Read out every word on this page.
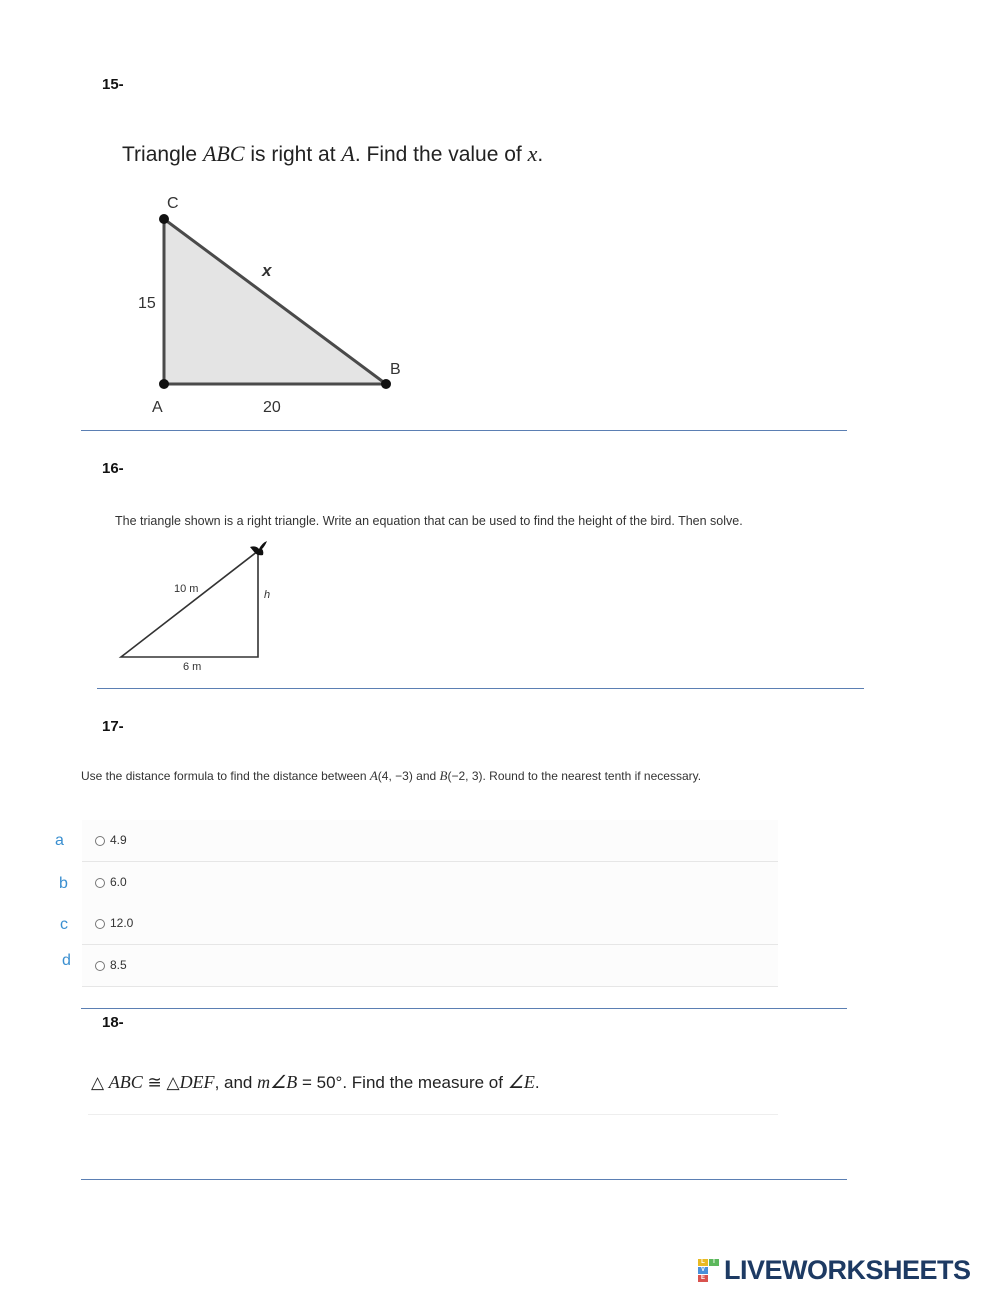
15-
Triangle ABC is right at A. Find the value of x.
C
A
B
15
20
x
16-
The triangle shown is a right triangle. Write an equation that can be used to find the height of the bird. Then solve.
10 m
6 m
h
17-
Use the distance formula to find the distance between A(4, −3) and B(−2, 3). Round to the nearest tenth if necessary.
a
b
c
d
4.9
6.0
12.0
8.5
18-
△ ABC ≅ △DEF, and m∠B = 50°. Find the measure of ∠E.
L	I
V
E LIVEWORKSHEETS
